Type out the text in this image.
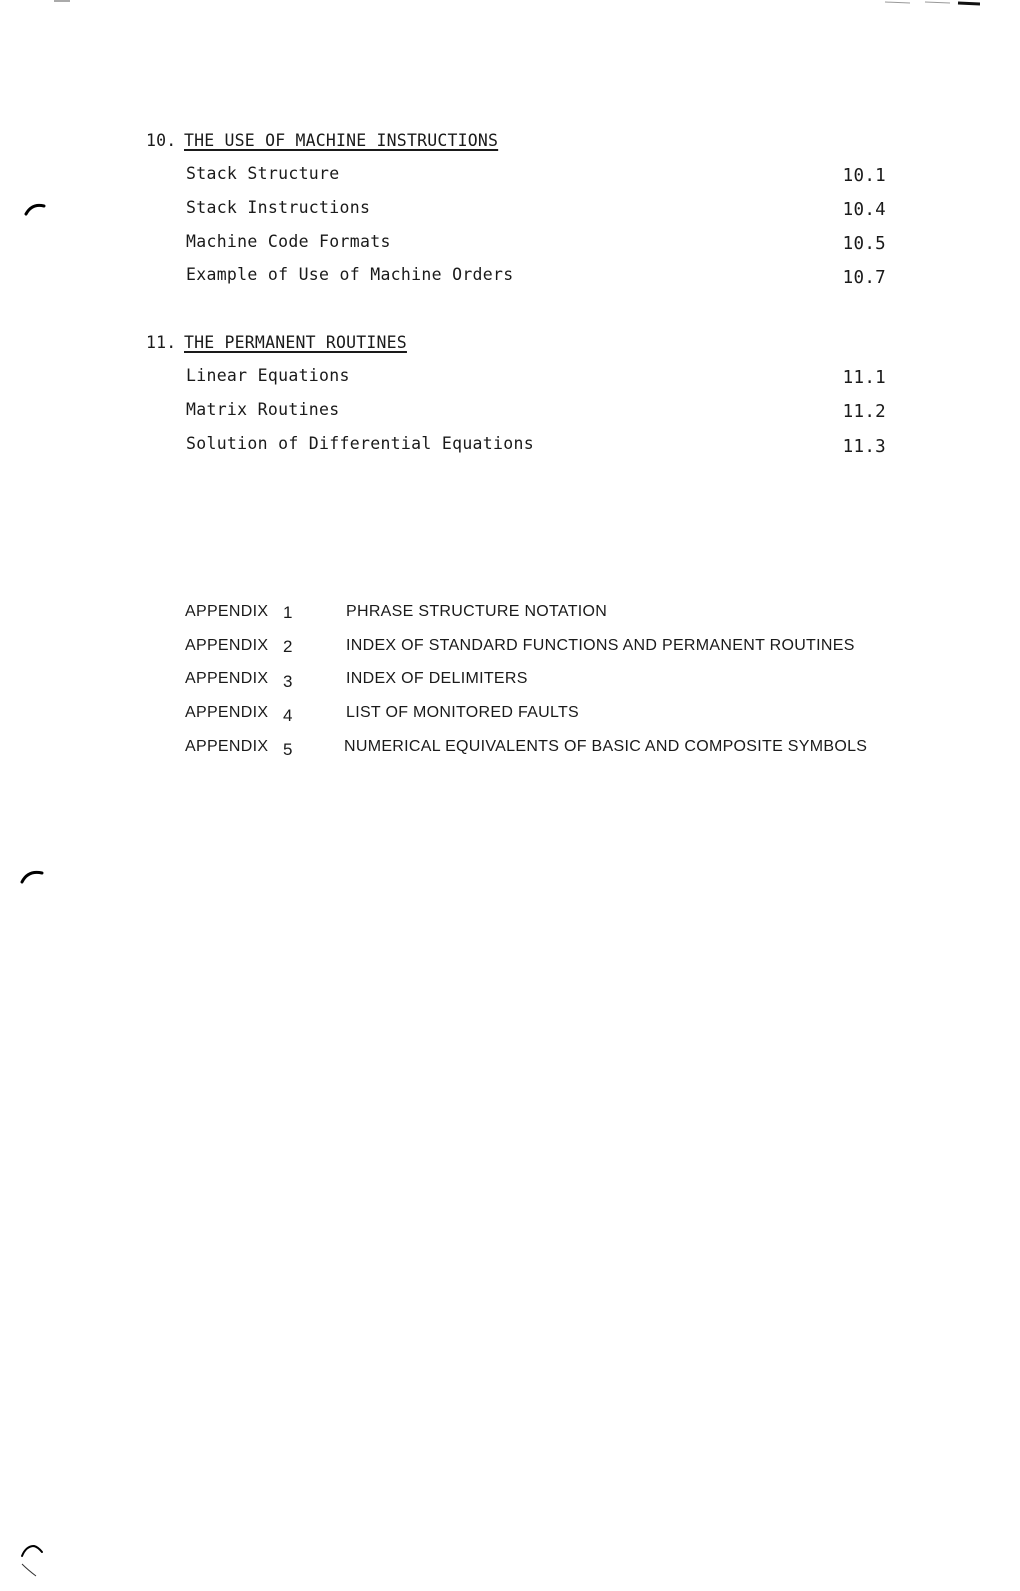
10. THE USE OF MACHINE INSTRUCTIONS
Stack Structure	10.1
Stack Instructions	10.4
Machine Code Formats	10.5
Example of Use of Machine Orders	10.7
11. THE PERMANENT ROUTINES
Linear Equations	11.1
Matrix Routines	11.2
Solution of Differential Equations	11.3
APPENDIX 1	PHRASE STRUCTURE NOTATION
APPENDIX 2	INDEX OF STANDARD FUNCTIONS AND PERMANENT ROUTINES
APPENDIX 3	INDEX OF DELIMITERS
APPENDIX 4	LIST OF MONITORED FAULTS
APPENDIX 5	NUMERICAL EQUIVALENTS OF BASIC AND COMPOSITE SYMBOLS
